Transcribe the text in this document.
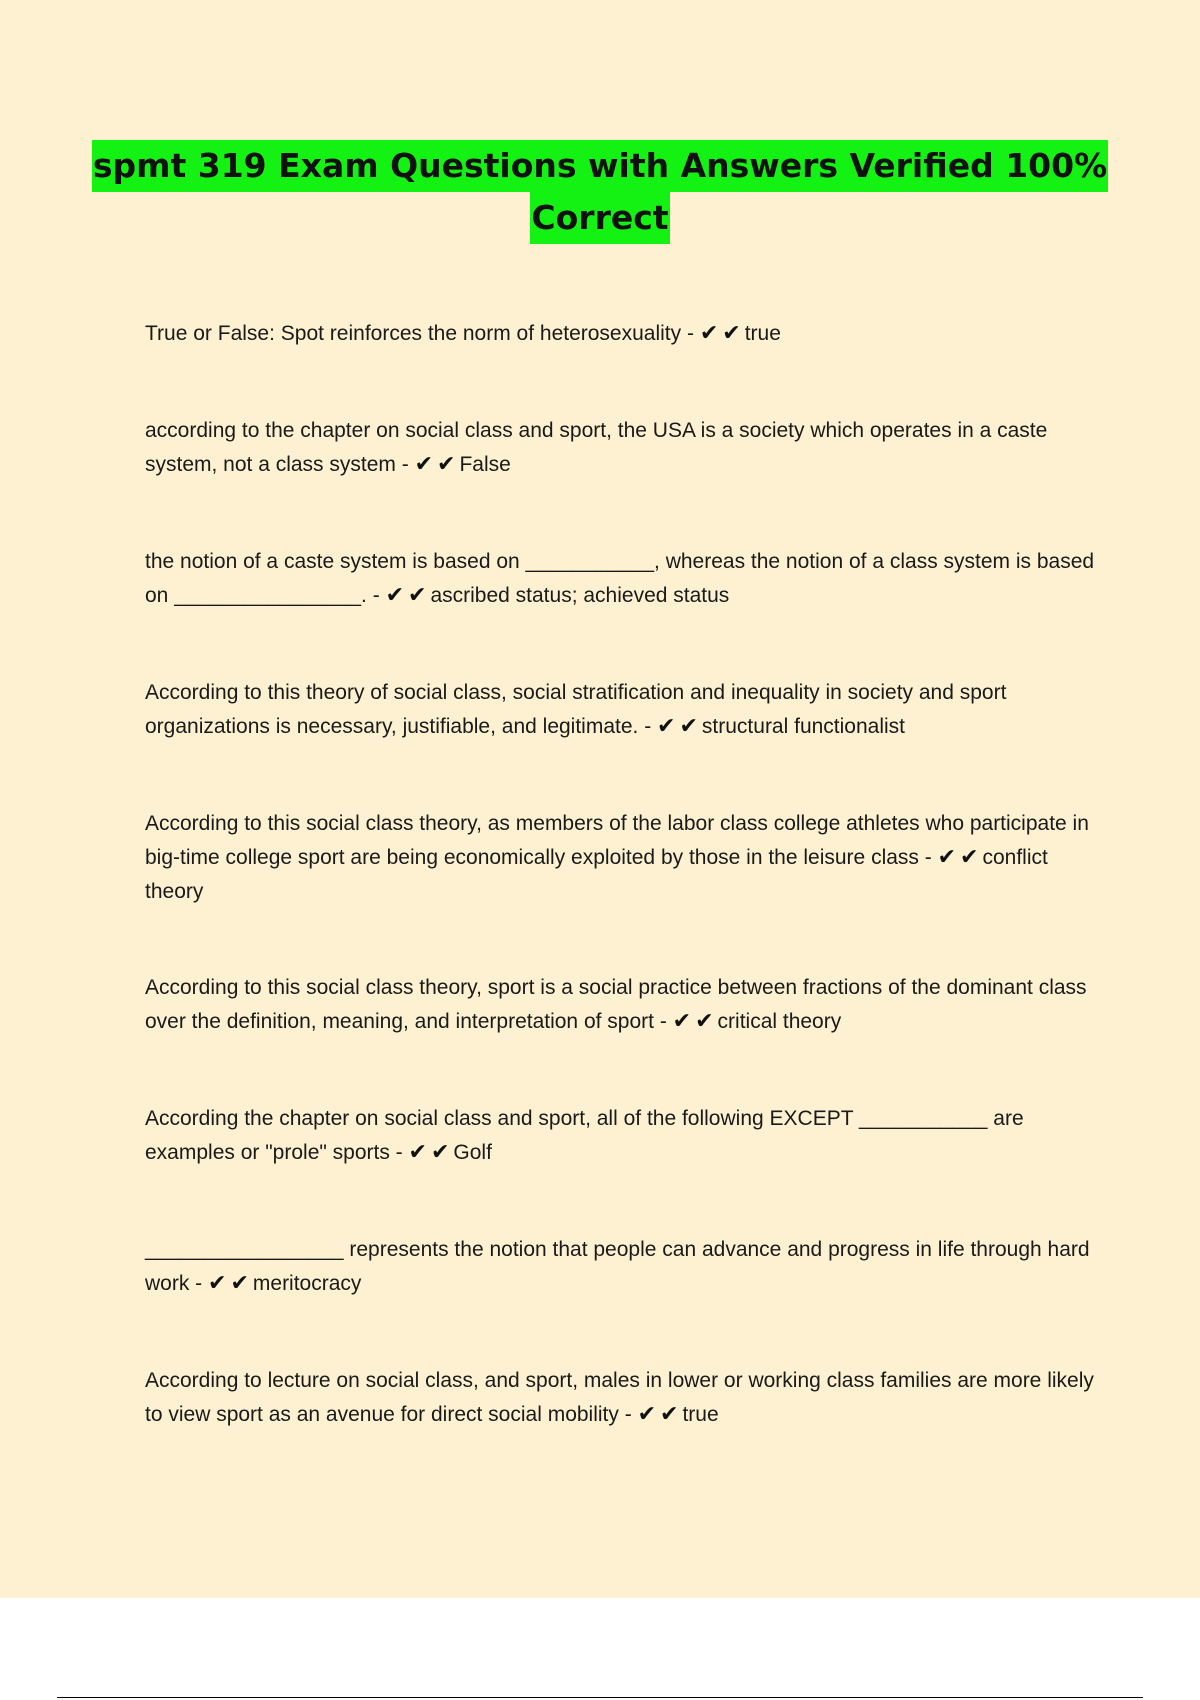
spmt 319 Exam Questions with Answers Verified 100%
Correct

True or False: Spot reinforces the norm of heterosexuality - ✔ ✔ true

according to the chapter on social class and sport, the USA is a society which operates in a caste system, not a class system - ✔ ✔ False

the notion of a caste system is based on ___________, whereas the notion of a class system is based on ________________. - ✔ ✔ ascribed status; achieved status

According to this theory of social class, social stratification and inequality in society and sport organizations is necessary, justifiable, and legitimate. - ✔ ✔ structural functionalist

According to this social class theory, as members of the labor class college athletes who participate in big-time college sport are being economically exploited by those in the leisure class - ✔ ✔ conflict theory

According to this social class theory, sport is a social practice between fractions of the dominant class over the definition, meaning, and interpretation of sport - ✔ ✔ critical theory

According the chapter on social class and sport, all of the following EXCEPT ___________ are examples or "prole" sports - ✔ ✔ Golf

_________________ represents the notion that people can advance and progress in life through hard work - ✔ ✔ meritocracy

According to lecture on social class, and sport, males in lower or working class families are more likely to view sport as an avenue for direct social mobility - ✔ ✔ true
